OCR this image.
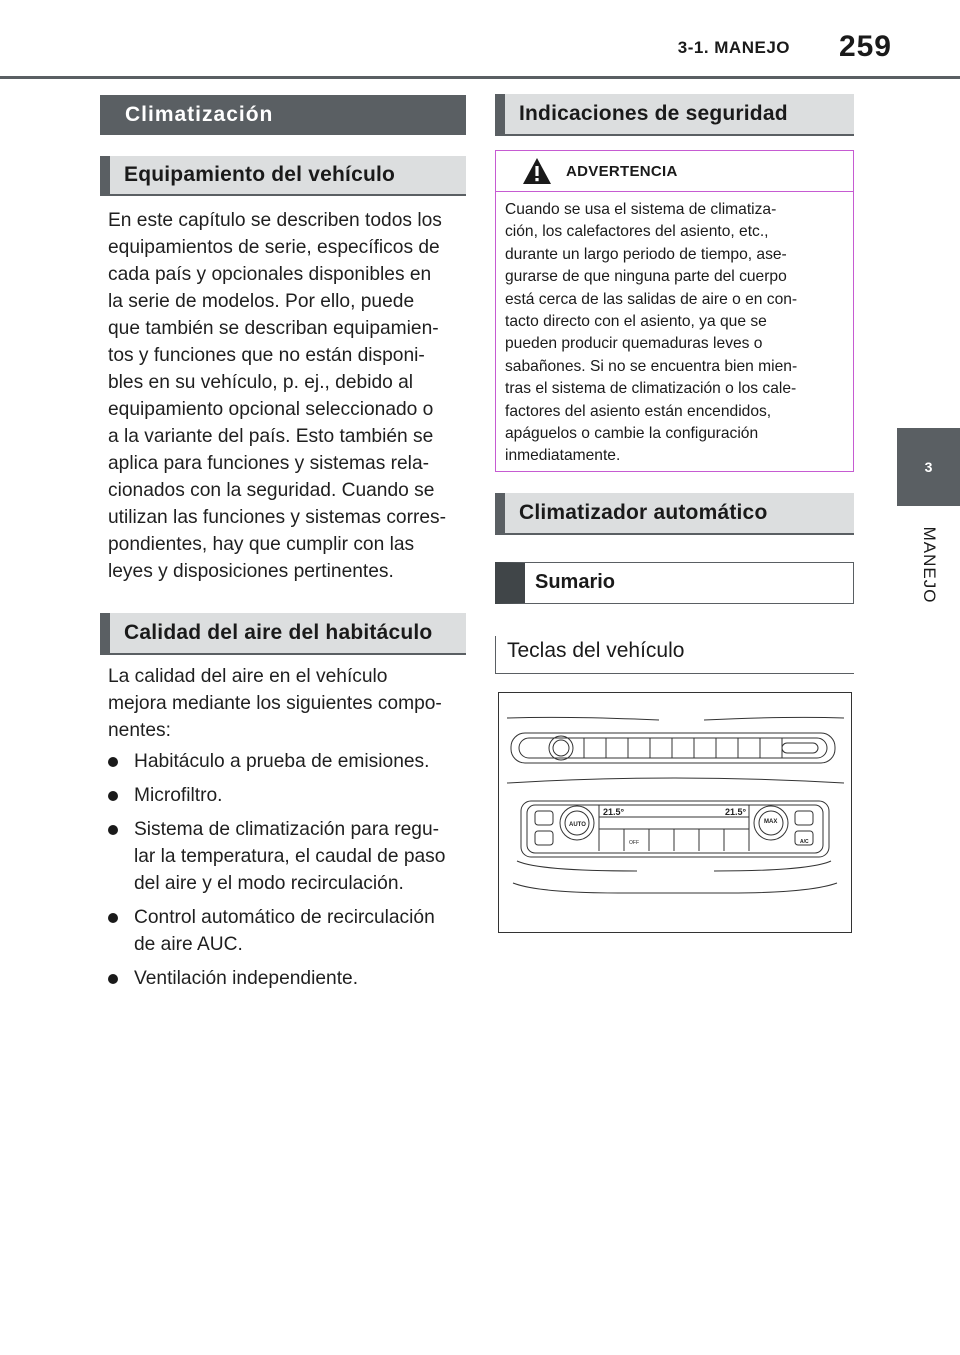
3-1. MANEJO	259
3
MANEJO
Climatización
Equipamiento del vehículo
En este capítulo se describen todos los
equipamientos de serie, específicos de
cada país y opcionales disponibles en
la serie de modelos. Por ello, puede
que también se describan equipamien-
tos y funciones que no están disponi-
bles en su vehículo, p. ej., debido al
equipamiento opcional seleccionado o
a la variante del país. Esto también se
aplica para funciones y sistemas rela-
cionados con la seguridad. Cuando se
utilizan las funciones y sistemas corres-
pondientes, hay que cumplir con las
leyes y disposiciones pertinentes.
Calidad del aire del habitáculo
La calidad del aire en el vehículo
mejora mediante los siguientes compo-
nentes:
Habitáculo a prueba de emisiones.
Microfiltro.
Sistema de climatización para regu-
lar la temperatura, el caudal de paso
del aire y el modo recirculación.
Control automático de recirculación
de aire AUC.
Ventilación independiente.
Indicaciones de seguridad
ADVERTENCIA
Cuando se usa el sistema de climatiza-
ción, los calefactores del asiento, etc.,
durante un largo periodo de tiempo, ase-
gurarse de que ninguna parte del cuerpo
está cerca de las salidas de aire o en con-
tacto directo con el asiento, ya que se
pueden producir quemaduras leves o
sabañones. Si no se encuentra bien mien-
tras el sistema de climatización o los cale-
factores del asiento están encendidos,
apáguelos o cambie la configuración
inmediatamente.
Climatizador automático
Sumario
Teclas del vehículo
21.5°	21.5°
AUTO	MAX
A/C
OFF
